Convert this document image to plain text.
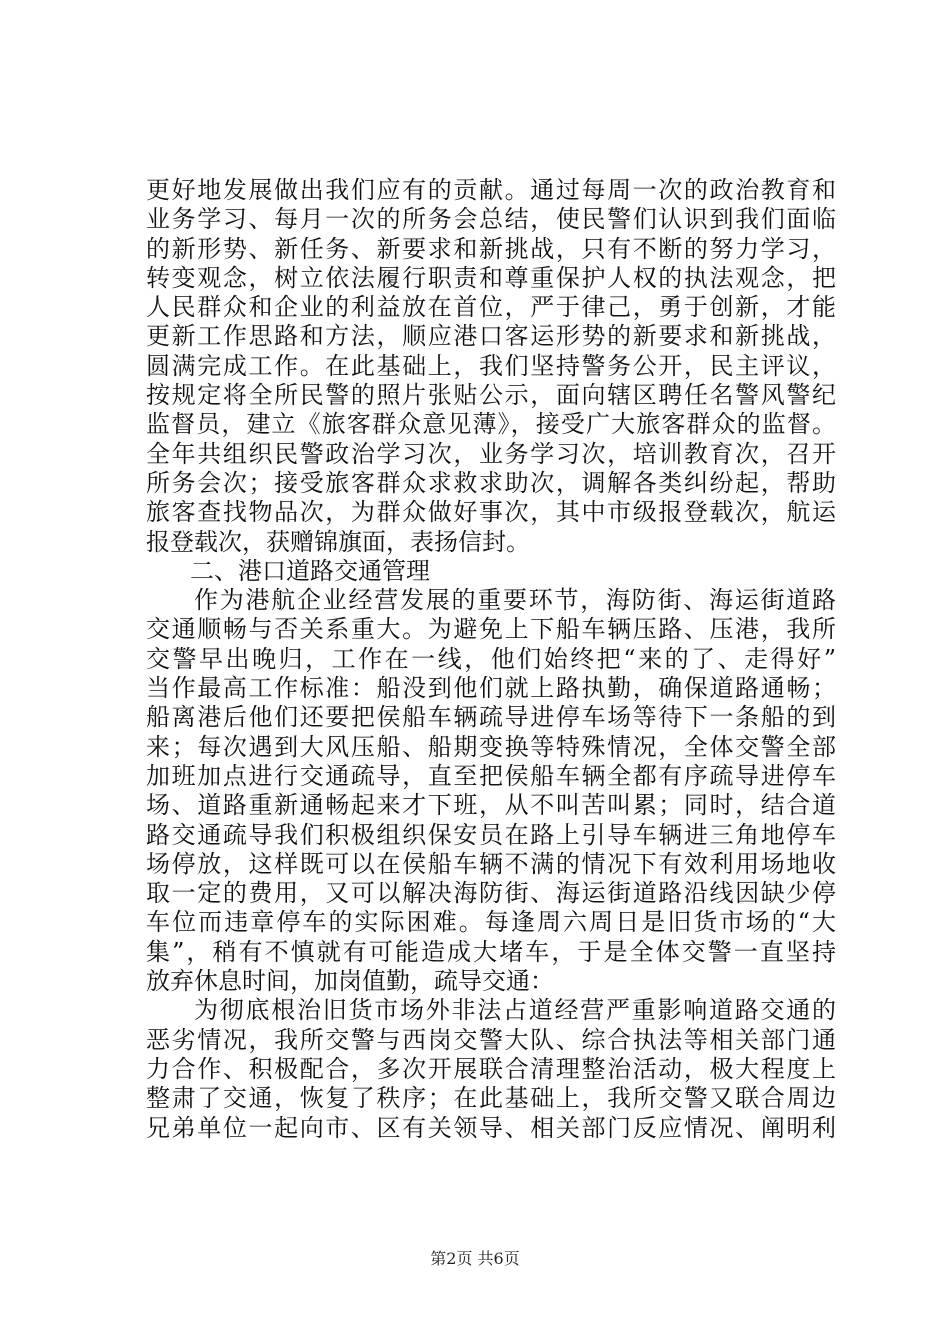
更好地发展做出我们应有的贡献。通过每周一次的政治教育和
业务学习、每月一次的所务会总结，使民警们认识到我们面临
的新形势、新任务、新要求和新挑战，只有不断的努力学习，
转变观念，树立依法履行职责和尊重保护人权的执法观念，把
人民群众和企业的利益放在首位，严于律己，勇于创新，才能
更新工作思路和方法，顺应港口客运形势的新要求和新挑战，
圆满完成工作。在此基础上，我们坚持警务公开，民主评议，
按规定将全所民警的照片张贴公示，面向辖区聘任名警风警纪
监督员，建立《旅客群众意见薄》，接受广大旅客群众的监督。
全年共组织民警政治学习次，业务学习次，培训教育次，召开
所务会次；接受旅客群众求救求助次，调解各类纠纷起，帮助
旅客查找物品次，为群众做好事次，其中市级报登载次，航运
报登载次，获赠锦旗面，表扬信封。
二、港口道路交通管理
作为港航企业经营发展的重要环节，海防街、海运街道路
交通顺畅与否关系重大。为避免上下船车辆压路、压港，我所
交警早出晚归，工作在一线，他们始终把“来的了、走得好”
当作最高工作标准：船没到他们就上路执勤，确保道路通畅；
船离港后他们还要把侯船车辆疏导进停车场等待下一条船的到
来；每次遇到大风压船、船期变换等特殊情况，全体交警全部
加班加点进行交通疏导，直至把侯船车辆全都有序疏导进停车
场、道路重新通畅起来才下班，从不叫苦叫累；同时，结合道
路交通疏导我们积极组织保安员在路上引导车辆进三角地停车
场停放，这样既可以在侯船车辆不满的情况下有效利用场地收
取一定的费用，又可以解决海防街、海运街道路沿线因缺少停
车位而违章停车的实际困难。每逢周六周日是旧货市场的“大
集”，稍有不慎就有可能造成大堵车，于是全体交警一直坚持
放弃休息时间，加岗值勤，疏导交通：
为彻底根治旧货市场外非法占道经营严重影响道路交通的
恶劣情况，我所交警与西岗交警大队、综合执法等相关部门通
力合作、积极配合，多次开展联合清理整治活动，极大程度上
整肃了交通，恢复了秩序；在此基础上，我所交警又联合周边
兄弟单位一起向市、区有关领导、相关部门反应情况、阐明利
第2页 共6页
